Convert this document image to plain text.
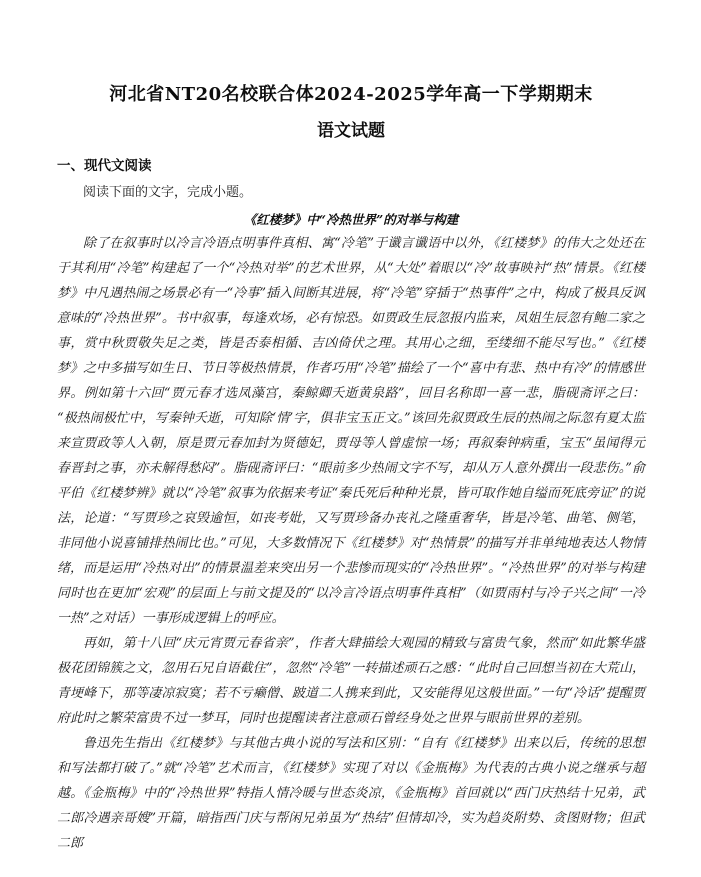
河北省NT20名校联合体2024-2025学年高一下学期期末
语文试题
一、现代文阅读
阅读下面的文字，完成小题。
《红楼梦》中“冷热世界”的对举与构建

除了在叙事时以冷言冷语点明事件真相、寓“冷笔”于谶言谶语中以外，《红楼梦》的伟大之处还在于其利用“冷笔”构建起了一个“冷热对举”的艺术世界，从“大处”着眼以“冷”故事映衬“热”情景。《红楼梦》中凡遇热闹之场景必有一“冷事”插入间断其进展，将“冷笔”穿插于“热事件”之中，构成了极具反讽意味的“冷热世界”。书中叙事，每逢欢场，必有惊恐。如贾政生辰忽报内监来，凤姐生辰忽有鲍二家之事，赏中秋贾敬失足之类，皆是否泰相循、吉凶倚伏之理。其用心之细，至缕细不能尽写也。”《红楼梦》之中多描写如生日、节日等极热情景，作者巧用“冷笔”描绘了一个“喜中有悲、热中有冷”的情感世界。例如第十六回“贾元春才选凤藻宫，秦鲸卿夭逝黄泉路”，回目名称即一喜一悲，脂砚斋评之曰：“极热闹极忙中，写秦钟夭逝，可知除‘情’字，俱非宝玉正文。”该回先叙贾政生辰的热闹之际忽有夏太监来宣贾政等人入朝，原是贾元春加封为贤德妃，贾母等人曾虚惊一场；再叙秦钟病重，宝玉“虽闻得元春晋封之事，亦未解得愁闷”。脂砚斋评曰：“眼前多少热闹文字不写，却从万人意外撰出一段悲伤。”俞平伯《红楼梦辨》就以“冷笔”叙事为依据来考证“秦氏死后种种光景，皆可取作她自缢而死底旁证”的说法，论道：“写贾珍之哀毁逾恒，如丧考妣，又写贾珍备办丧礼之隆重奢华，皆是冷笔、曲笔、侧笔，非同他小说喜铺排热闹比也。”可见，大多数情况下《红楼梦》对“热情景”的描写并非单纯地表达人物情绪，而是运用“冷热对出”的情景温差来突出另一个悲惨而现实的“冷热世界”。“冷热世界”的对举与构建同时也在更加“宏观”的层面上与前文提及的“以冷言冷语点明事件真相”（如贾雨村与冷子兴之间“一冷一热”之对话）一事形成逻辑上的呼应。

再如，第十八回“庆元宵贾元春省亲”，作者大肆描绘大观园的精致与富贵气象，然而“如此繁华盛极花团锦簇之文，忽用石兄自语截住”，忽然“冷笔”一转描述顽石之感：“此时自己回想当初在大荒山，青埂峰下，那等凄凉寂寞；若不亏癞僧、跛道二人携来到此，又安能得见这般世面。”一句“冷话”提醒贾府此时之繁荣富贵不过一梦耳，同时也提醒读者注意顽石曾经身处之世界与眼前世界的差别。

鲁迅先生指出《红楼梦》与其他古典小说的写法和区别：“自有《红楼梦》出来以后，传统的思想和写法都打破了。”就“冷笔”艺术而言，《红楼梦》实现了对以《金瓶梅》为代表的古典小说之继承与超越。《金瓶梅》中的“冷热世界”特指人情冷暖与世态炎凉，《金瓶梅》首回就以“西门庆热结十兄弟，武二郎冷遇亲哥嫂”开篇，暗指西门庆与帮闲兄弟虽为“热结”但情却冷，实为趋炎附势、贪图财物；但武二郎
